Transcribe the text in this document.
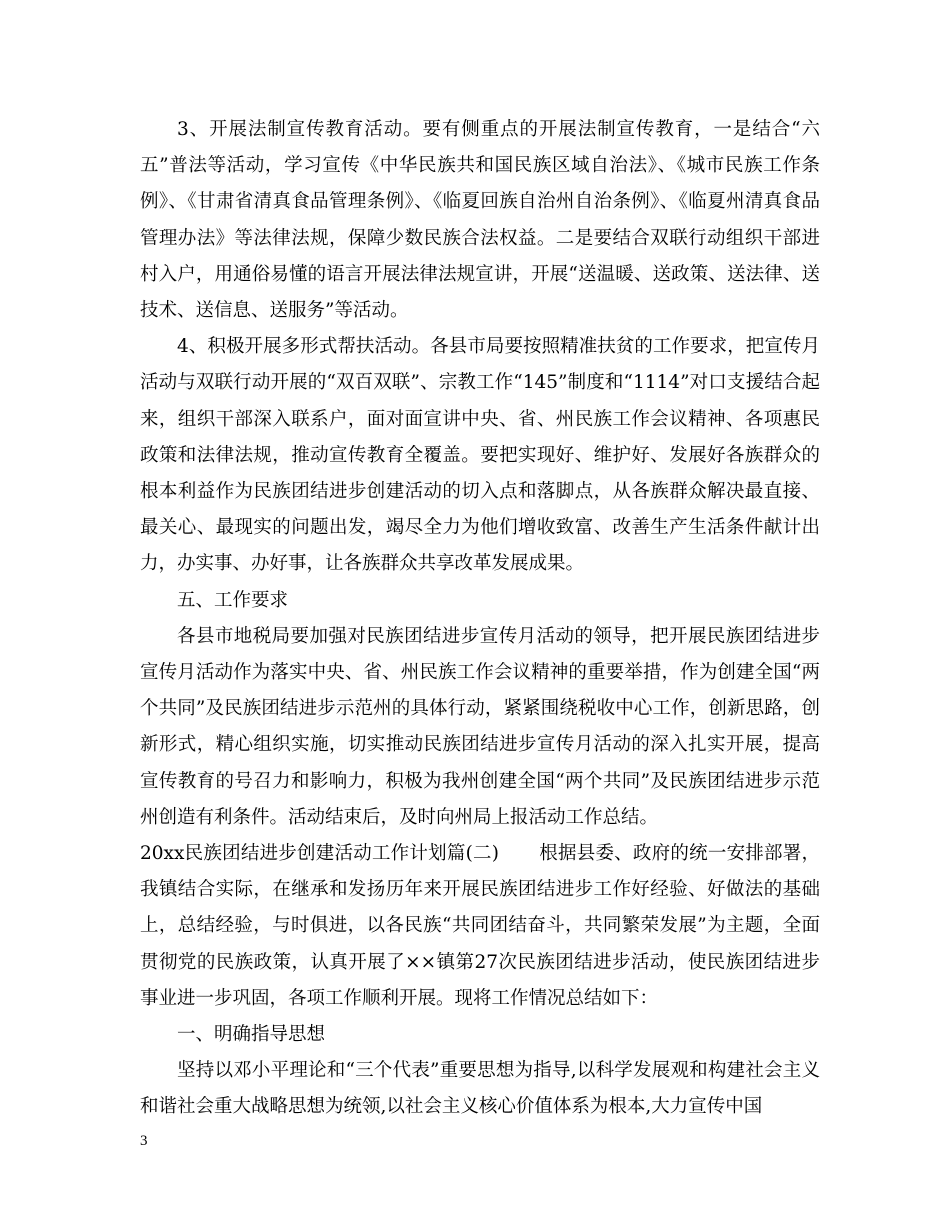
3、开展法制宣传教育活动。要有侧重点的开展法制宣传教育，一是结合“六五”普法等活动，学习宣传《中华民族共和国民族区域自治法》、《城市民族工作条例》、《甘肃省清真食品管理条例》、《临夏回族自治州自治条例》、《临夏州清真食品管理办法》等法律法规，保障少数民族合法权益。二是要结合双联行动组织干部进村入户，用通俗易懂的语言开展法律法规宣讲，开展“送温暖、送政策、送法律、送技术、送信息、送服务”等活动。

4、积极开展多形式帮扶活动。各县市局要按照精准扶贫的工作要求，把宣传月活动与双联行动开展的“双百双联”、宗教工作“145”制度和“1114”对口支援结合起来，组织干部深入联系户，面对面宣讲中央、省、州民族工作会议精神、各项惠民政策和法律法规，推动宣传教育全覆盖。要把实现好、维护好、发展好各族群众的根本利益作为民族团结进步创建活动的切入点和落脚点，从各族群众解决最直接、最关心、最现实的问题出发，竭尽全力为他们增收致富、改善生产生活条件献计出力，办实事、办好事，让各族群众共享改革发展成果。

五、工作要求

各县市地税局要加强对民族团结进步宣传月活动的领导，把开展民族团结进步宣传月活动作为落实中央、省、州民族工作会议精神的重要举措，作为创建全国“两个共同”及民族团结进步示范州的具体行动，紧紧围绕税收中心工作，创新思路，创新形式，精心组织实施，切实推动民族团结进步宣传月活动的深入扎实开展，提高宣传教育的号召力和影响力，积极为我州创建全国“两个共同”及民族团结进步示范州创造有利条件。活动结束后，及时向州局上报活动工作总结。

20xx民族团结进步创建活动工作计划篇(二) 根据县委、政府的统一安排部署，我镇结合实际，在继承和发扬历年来开展民族团结进步工作好经验、好做法的基础上，总结经验，与时俱进，以各民族“共同团结奋斗，共同繁荣发展”为主题，全面贯彻党的民族政策，认真开展了××镇第27次民族团结进步活动，使民族团结进步事业进一步巩固，各项工作顺利开展。现将工作情况总结如下：

一、明确指导思想

坚持以邓小平理论和“三个代表”重要思想为指导,以科学发展观和构建社会主义和谐社会重大战略思想为统领,以社会主义核心价值体系为根本,大力宣传中国

3
